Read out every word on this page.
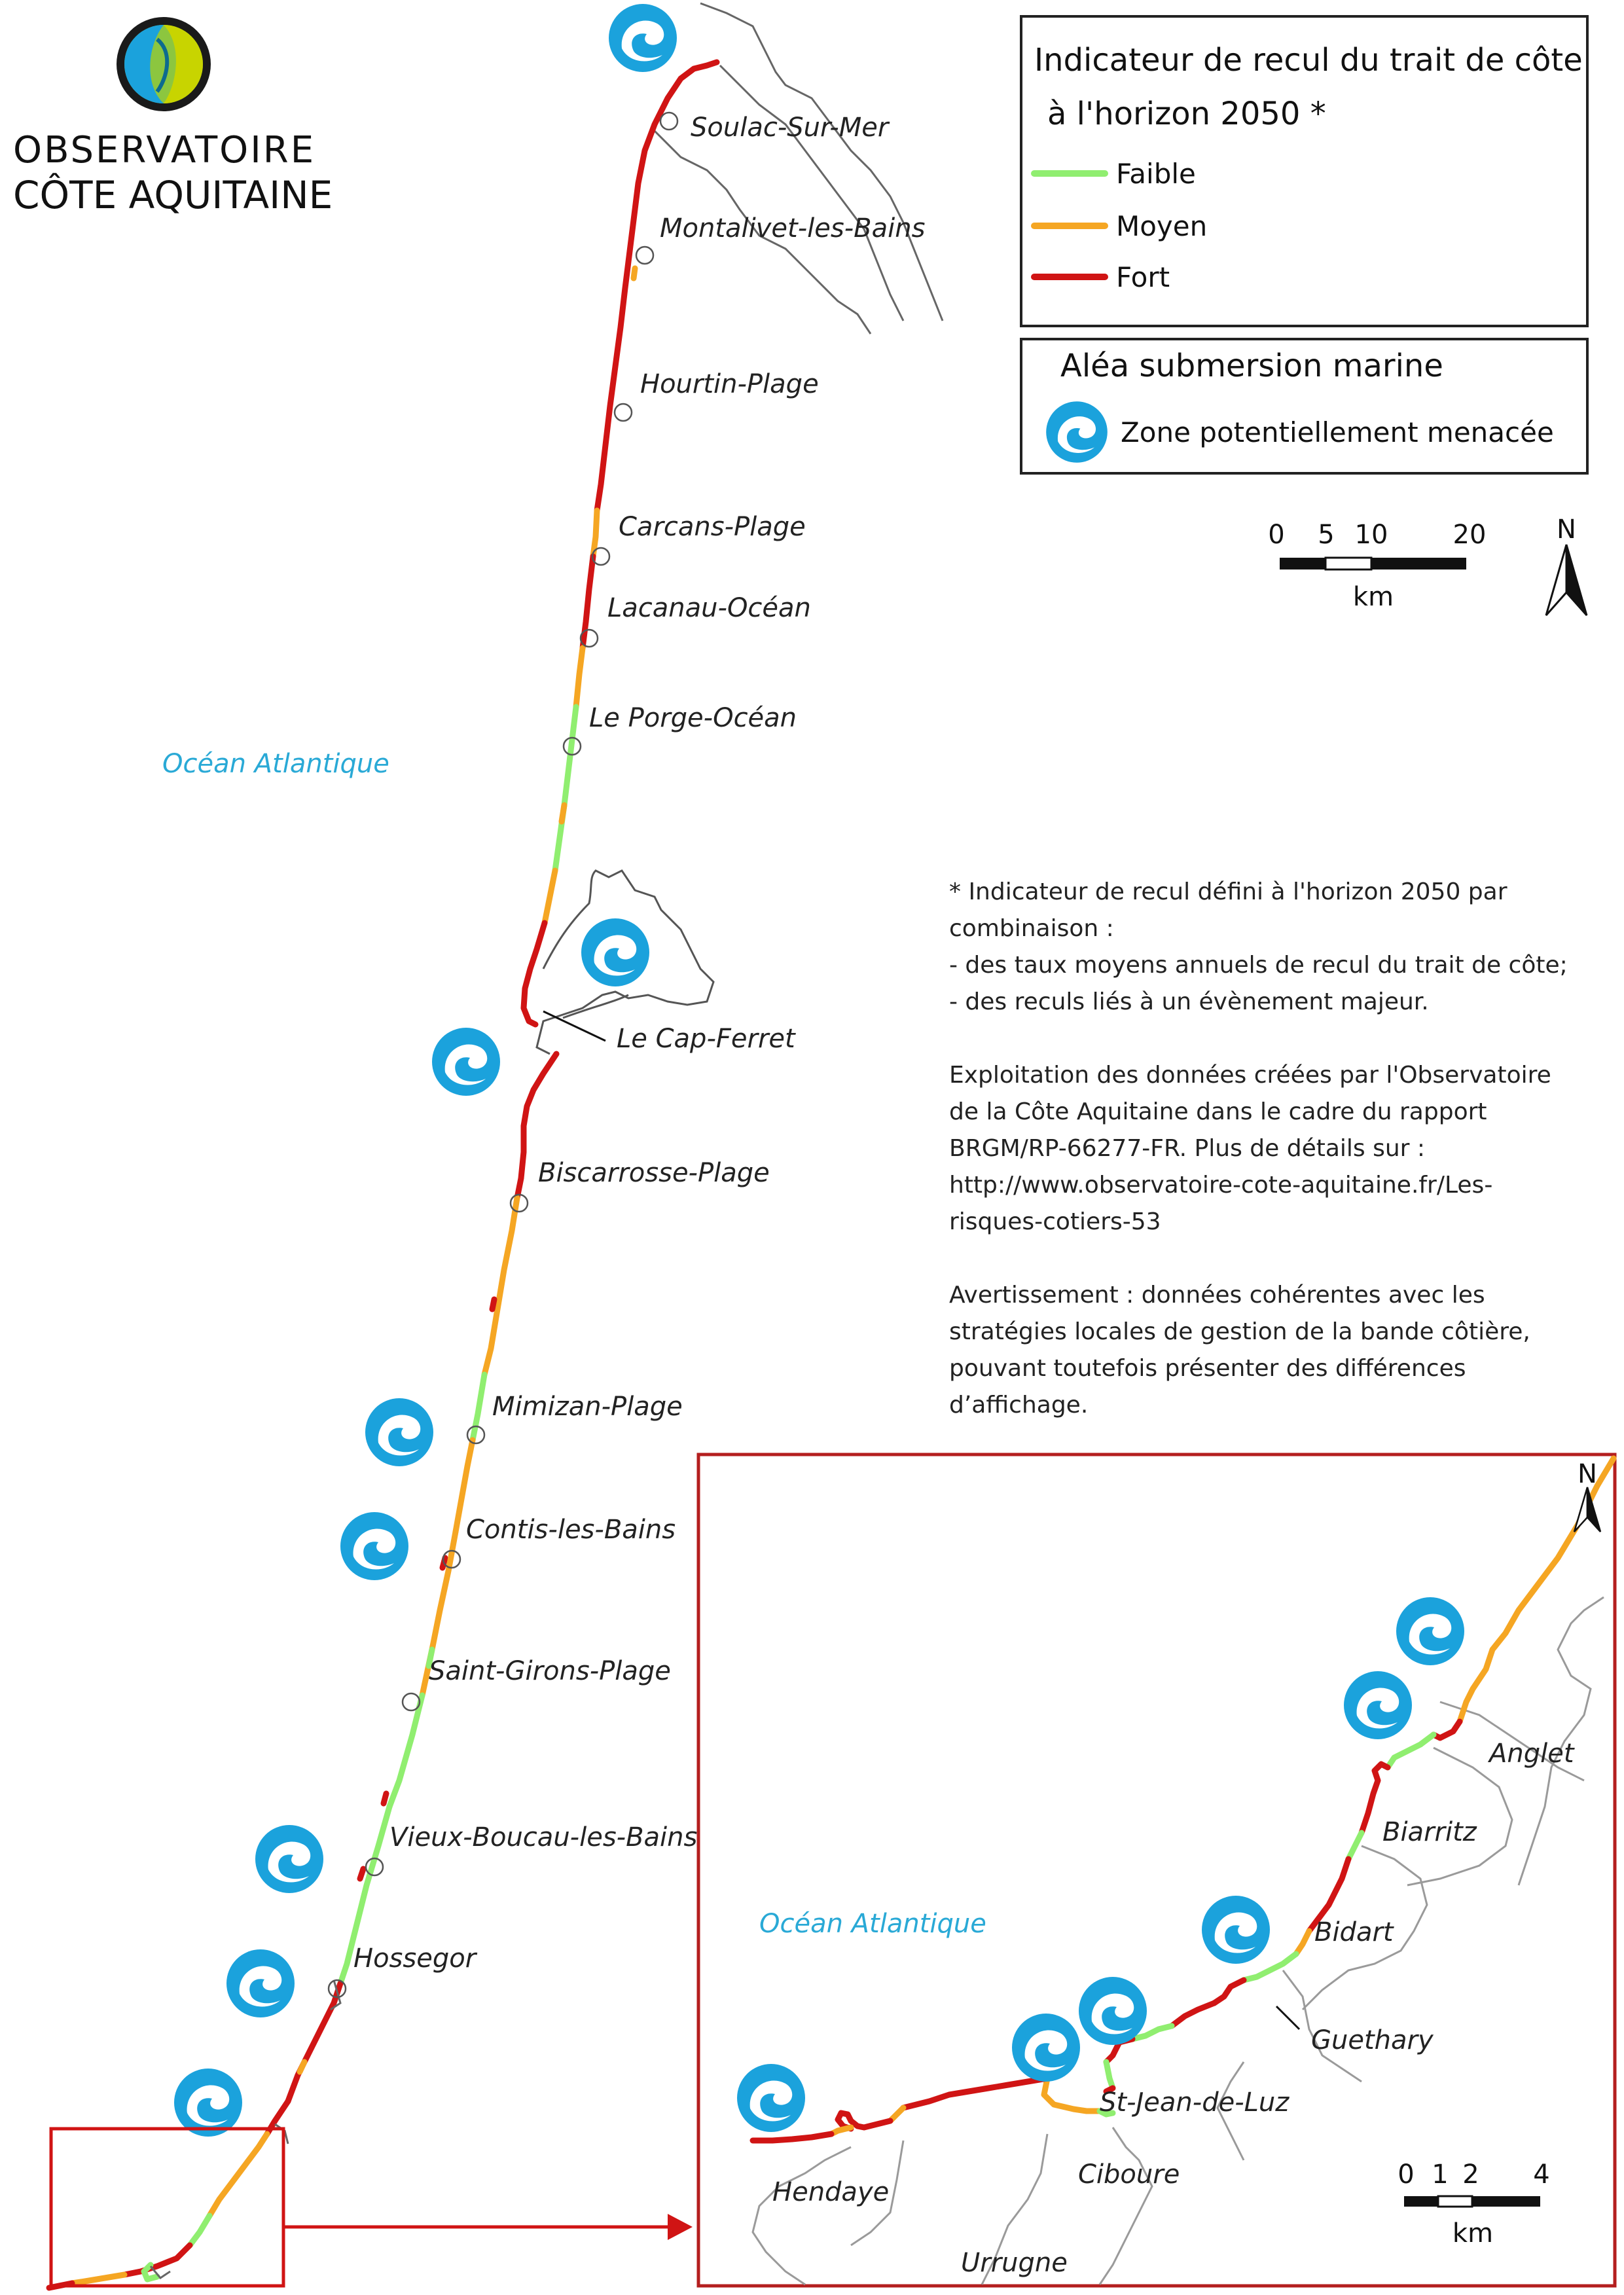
OBSERVATOIRE
CÔTE AQUITAINE
Soulac-Sur-Mer
Montalivet-les-Bains
Hourtin-Plage
Carcans-Plage
Lacanau-Océan
Le Porge-Océan
Le Cap-Ferret
Biscarrosse-Plage
Mimizan-Plage
Contis-les-Bains
Saint-Girons-Plage
Vieux-Boucau-les-Bains
Hossegor
Océan Atlantique
Indicateur de recul du trait de côte
à l'horizon 2050 *
Faible
Moyen
Fort
Aléa submersion marine
Zone potentiellement menacée
0 5 10 20
km
N
N
Océan Atlantique
Anglet
Biarritz
Bidart
Guethary
St-Jean-de-Luz
Ciboure
Hendaye
Urrugne
0 1 2 4
km

* Indicateur de recul défini à l'horizon 2050 par
combinaison :
- des taux moyens annuels de recul du trait de côte;
- des reculs liés à un évènement majeur.

Exploitation des données créées par l'Observatoire
de la Côte Aquitaine dans le cadre du rapport
BRGM/RP-66277-FR. Plus de détails sur :
http://www.observatoire-cote-aquitaine.fr/Les-
risques-cotiers-53

Avertissement : données cohérentes avec les
stratégies locales de gestion de la bande côtière,
pouvant toutefois présenter des différences
d’affichage.
